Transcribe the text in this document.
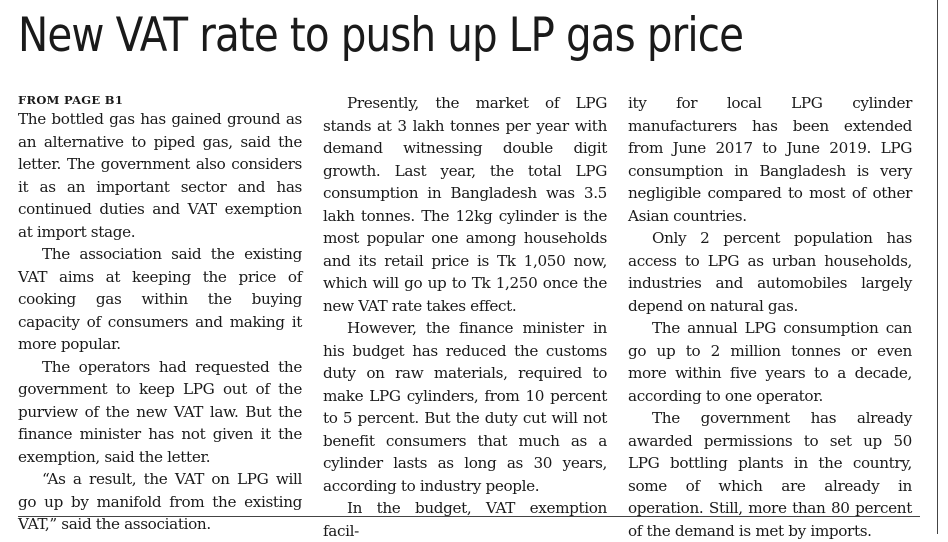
New VAT rate to push up LP gas price

FROM PAGE B1

The bottled gas has gained ground as an alternative to piped gas, said the letter. The government also considers it as an important sector and has continued duties and VAT exemption at import stage.

The association said the existing VAT aims at keeping the price of cooking gas within the buying capacity of consumers and making it more popular.

The operators had requested the government to keep LPG out of the purview of the new VAT law. But the finance minister has not given it the exemption, said the letter.

“As a result, the VAT on LPG will go up by manifold from the existing VAT,” said the association.

Presently, the market of LPG stands at 3 lakh tonnes per year with demand witnessing double digit growth. Last year, the total LPG consumption in Bangladesh was 3.5 lakh tonnes. The 12kg cylinder is the most popular one among households and its retail price is Tk 1,050 now, which will go up to Tk 1,250 once the new VAT rate takes effect.

However, the finance minister in his budget has reduced the customs duty on raw materials, required to make LPG cylinders, from 10 percent to 5 percent. But the duty cut will not benefit consumers that much as a cylinder lasts as long as 30 years, according to industry people.

In the budget, VAT exemption facil-

ity for local LPG cylinder manufacturers has been extended from June 2017 to June 2019. LPG consumption in Bangladesh is very negligible compared to most of other Asian countries.

Only 2 percent population has access to LPG as urban households, industries and automobiles largely depend on natural gas.

The annual LPG consumption can go up to 2 million tonnes or even more within five years to a decade, according to one operator.

The government has already awarded permissions to set up 50 LPG bottling plants in the country, some of which are already in operation. Still, more than 80 percent of the demand is met by imports.
